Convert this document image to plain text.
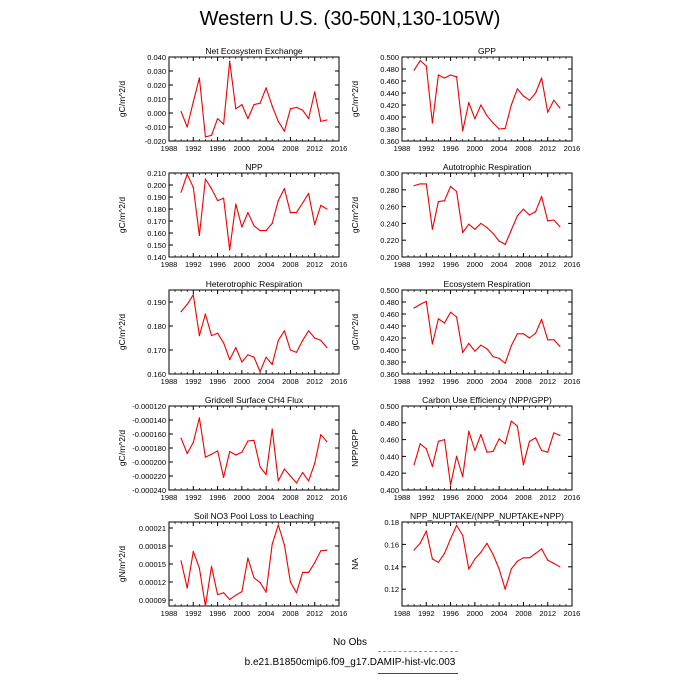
Western U.S. (30-50N,130-105W)
Net Ecosystem Exchange
gC/m^2/d
1988 1992 1996 2000 2004 2008 2012 2016
-0.020
-0.010
0.000
0.010
0.020
0.030
0.040
GPP
gC/m^2/d
1988 1992 1996 2000 2004 2008 2012 2016
0.360
0.380
0.400
0.420
0.440
0.460
0.480
0.500
NPP
gC/m^2/d
1988 1992 1996 2000 2004 2008 2012 2016
0.140
0.150
0.160
0.170
0.180
0.190
0.200
0.210
Autotrophic Respiration
gC/m^2/d
1988 1992 1996 2000 2004 2008 2012 2016
0.200
0.220
0.240
0.260
0.280
0.300
Heterotrophic Respiration
gC/m^2/d
1988 1992 1996 2000 2004 2008 2012 2016
0.160
0.170
0.180
0.190
Ecosystem Respiration
gC/m^2/d
1988 1992 1996 2000 2004 2008 2012 2016
0.360
0.380
0.400
0.420
0.440
0.460
0.480
0.500
Gridcell Surface CH4 Flux
gC/m^2/d
1988 1992 1996 2000 2004 2008 2012 2016
-0.000240
-0.000220
-0.000200
-0.000180
-0.000160
-0.000140
-0.000120
Carbon Use Efficiency (NPP/GPP)
NPP/GPP
1988 1992 1996 2000 2004 2008 2012 2016
0.400
0.420
0.440
0.460
0.480
0.500
Soil NO3 Pool Loss to Leaching
gN/m^2/d
1988 1992 1996 2000 2004 2008 2012 2016
0.00009
0.00012
0.00015
0.00018
0.00021
NPP_NUPTAKE/(NPP_NUPTAKE+NPP)
NA
1988 1992 1996 2000 2004 2008 2012 2016
0.12
0.14
0.16
0.18
No Obs
b.e21.B1850cmip6.f09_g17.DAMIP-hist-vlc.003
